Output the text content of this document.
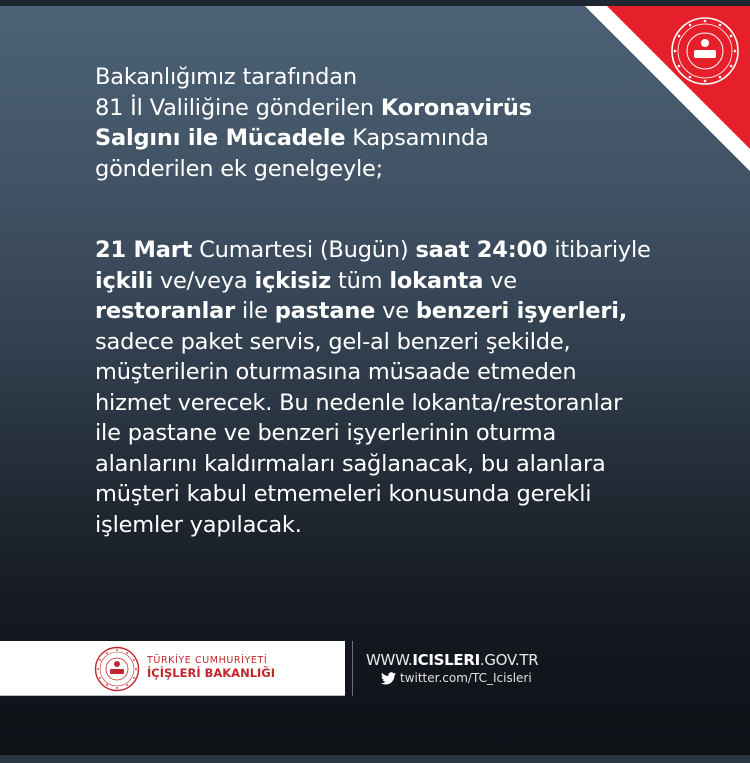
Bakanlığımız tarafından
81 İl Valiliğine gönderilen Koronavirüs
Salgını ile Mücadele Kapsamında
gönderilen ek genelgeyle;
21 Mart Cumartesi (Bugün) saat 24:00 itibariyle
içkili ve/veya içkisiz tüm lokanta ve
restoranlar ile pastane ve benzeri işyerleri,
sadece paket servis, gel-al benzeri şekilde,
müşterilerin oturmasına müsaade etmeden
hizmet verecek. Bu nedenle lokanta/restoranlar
ile pastane ve benzeri işyerlerinin oturma
alanlarını kaldırmaları sağlanacak, bu alanlara
müşteri kabul etmemeleri konusunda gerekli
işlemler yapılacak.
TÜRKİYE CUMHURİYETİ
İÇİŞLERİ BAKANLIĞI
WWW.ICISLERI.GOV.TR
twitter.com/TC_Icisleri
